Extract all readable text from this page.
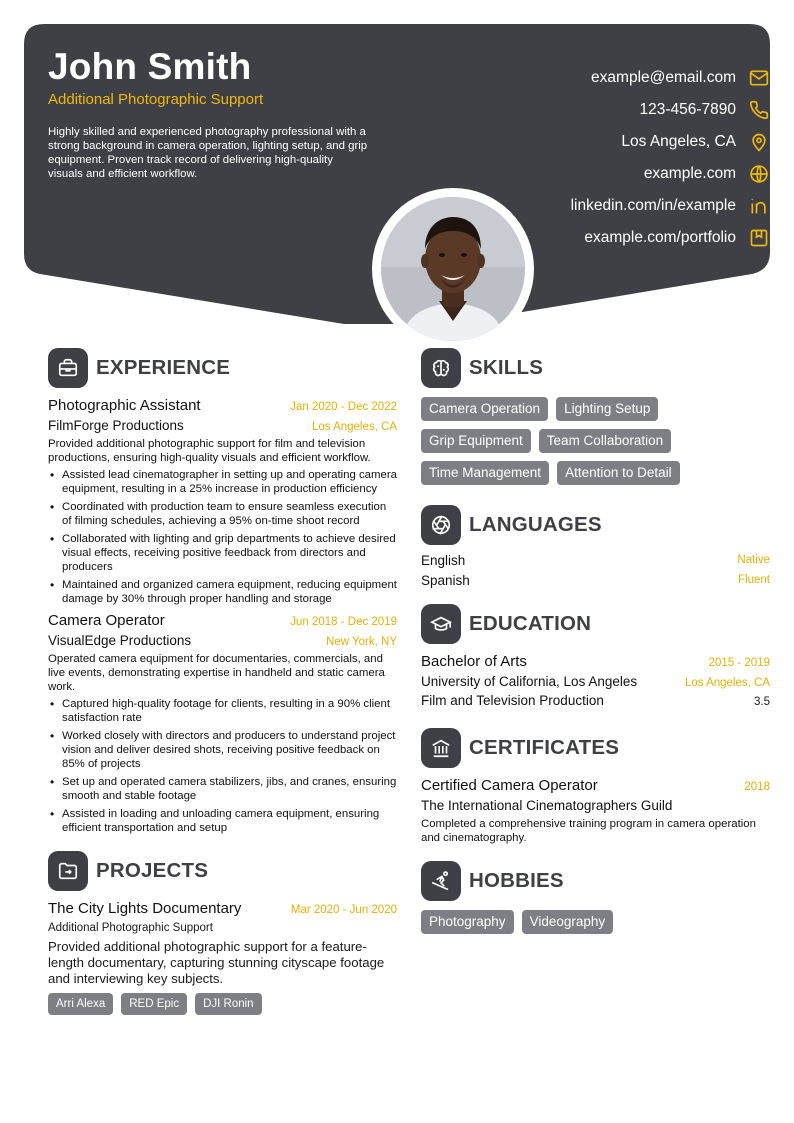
John Smith
Additional Photographic Support
Highly skilled and experienced photography professional with a strong background in camera operation, lighting setup, and grip equipment. Proven track record of delivering high-quality visuals and efficient workflow.
example@email.com
123-456-7890
Los Angeles, CA
example.com
linkedin.com/in/example
example.com/portfolio
EXPERIENCE
Photographic Assistant	Jan 2020 - Dec 2022
FilmForge Productions	Los Angeles, CA
Provided additional photographic support for film and television productions, ensuring high-quality visuals and efficient workflow.
• Assisted lead cinematographer in setting up and operating camera equipment, resulting in a 25% increase in production efficiency
• Coordinated with production team to ensure seamless execution of filming schedules, achieving a 95% on-time shoot record
• Collaborated with lighting and grip departments to achieve desired visual effects, receiving positive feedback from directors and producers
• Maintained and organized camera equipment, reducing equipment damage by 30% through proper handling and storage
Camera Operator	Jun 2018 - Dec 2019
VisualEdge Productions	New York, NY
Operated camera equipment for documentaries, commercials, and live events, demonstrating expertise in handheld and static camera work.
• Captured high-quality footage for clients, resulting in a 90% client satisfaction rate
• Worked closely with directors and producers to understand project vision and deliver desired shots, receiving positive feedback on 85% of projects
• Set up and operated camera stabilizers, jibs, and cranes, ensuring smooth and stable footage
• Assisted in loading and unloading camera equipment, ensuring efficient transportation and setup
PROJECTS
The City Lights Documentary	Mar 2020 - Jun 2020
Additional Photographic Support
Provided additional photographic support for a feature-length documentary, capturing stunning cityscape footage and interviewing key subjects.
Arri Alexa	RED Epic	DJI Ronin
SKILLS
Camera Operation	Lighting Setup
Grip Equipment	Team Collaboration
Time Management	Attention to Detail
LANGUAGES
English	Native
Spanish	Fluent
EDUCATION
Bachelor of Arts	2015 - 2019
University of California, Los Angeles	Los Angeles, CA
Film and Television Production	3.5
CERTIFICATES
Certified Camera Operator	2018
The International Cinematographers Guild
Completed a comprehensive training program in camera operation and cinematography.
HOBBIES
Photography	Videography
